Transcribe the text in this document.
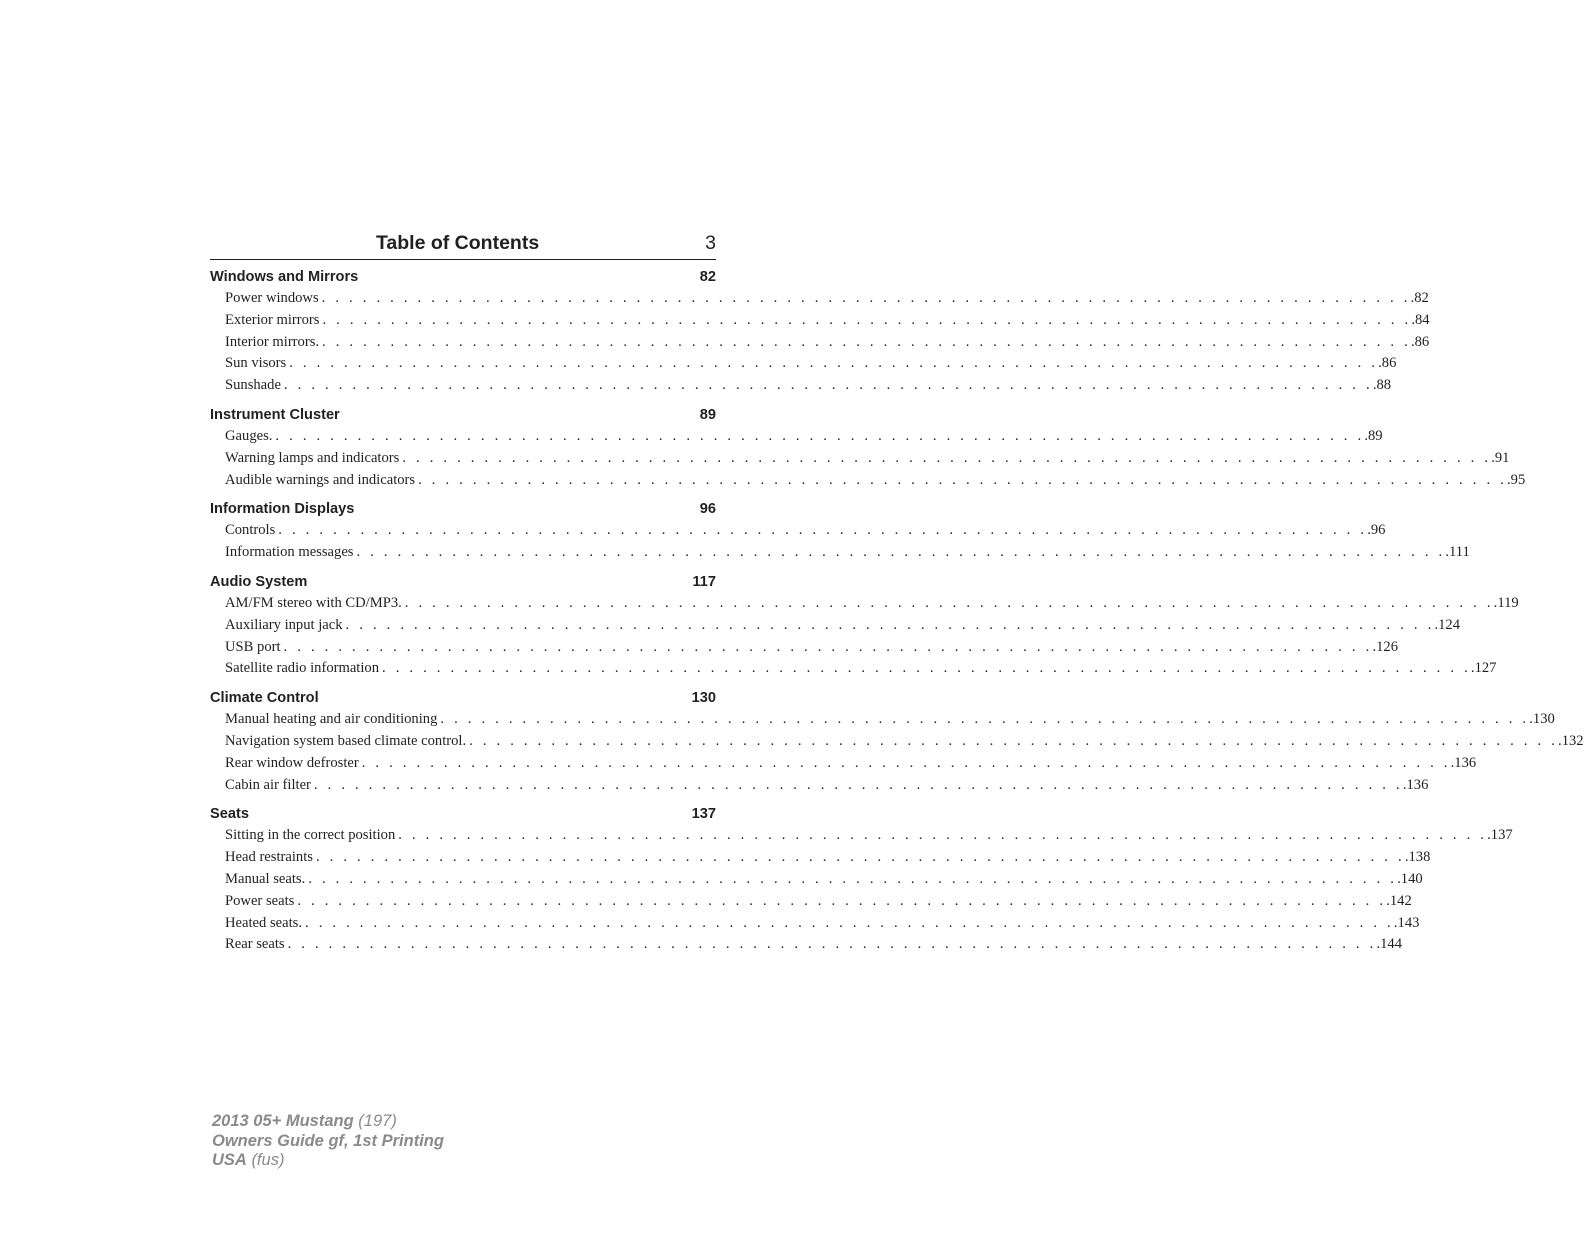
Table of Contents	3
Windows and Mirrors	82
Power windows . . . . . . . . . . . . . . . . . . . . . . . . . . . . . . . . . . . . . . . . . . . . . . . . . . . . . . . . . . . . . . . . . . . . . . . . . . . . . . . . .82
Exterior mirrors . . . . . . . . . . . . . . . . . . . . . . . . . . . . . . . . . . . . . . . . . . . . . . . . . . . . . . . . . . . . . . . . . . . . . . . . . . . . . . . . .84
Interior mirrors. . . . . . . . . . . . . . . . . . . . . . . . . . . . . . . . . . . . . . . . . . . . . . . . . . . . . . . . . . . . . . . . . . . . . . . . . . . . . . . . . .86
Sun visors . . . . . . . . . . . . . . . . . . . . . . . . . . . . . . . . . . . . . . . . . . . . . . . . . . . . . . . . . . . . . . . . . . . . . . . . . . . . . . . . .86
Sunshade . . . . . . . . . . . . . . . . . . . . . . . . . . . . . . . . . . . . . . . . . . . . . . . . . . . . . . . . . . . . . . . . . . . . . . . . . . . . . . . . .88
Instrument Cluster	89
Gauges. . . . . . . . . . . . . . . . . . . . . . . . . . . . . . . . . . . . . . . . . . . . . . . . . . . . . . . . . . . . . . . . . . . . . . . . . . . . . . . . . .89
Warning lamps and indicators . . . . . . . . . . . . . . . . . . . . . . . . . . . . . . . . . . . . . . . . . . . . . . . . . . . . . . . . . . . . . . . . . . . . . . . . . . . . . . . . .91
Audible warnings and indicators . . . . . . . . . . . . . . . . . . . . . . . . . . . . . . . . . . . . . . . . . . . . . . . . . . . . . . . . . . . . . . . . . . . . . . . . . . . . . . . . .95
Information Displays	96
Controls . . . . . . . . . . . . . . . . . . . . . . . . . . . . . . . . . . . . . . . . . . . . . . . . . . . . . . . . . . . . . . . . . . . . . . . . . . . . . . . . .96
Information messages . . . . . . . . . . . . . . . . . . . . . . . . . . . . . . . . . . . . . . . . . . . . . . . . . . . . . . . . . . . . . . . . . . . . . . . . . . . . . . . . .111
Audio System	117
AM/FM stereo with CD/MP3. . . . . . . . . . . . . . . . . . . . . . . . . . . . . . . . . . . . . . . . . . . . . . . . . . . . . . . . . . . . . . . . . . . . . . . . . . . . . . . . . .119
Auxiliary input jack . . . . . . . . . . . . . . . . . . . . . . . . . . . . . . . . . . . . . . . . . . . . . . . . . . . . . . . . . . . . . . . . . . . . . . . . . . . . . . . . .124
USB port . . . . . . . . . . . . . . . . . . . . . . . . . . . . . . . . . . . . . . . . . . . . . . . . . . . . . . . . . . . . . . . . . . . . . . . . . . . . . . . . .126
Satellite radio information . . . . . . . . . . . . . . . . . . . . . . . . . . . . . . . . . . . . . . . . . . . . . . . . . . . . . . . . . . . . . . . . . . . . . . . . . . . . . . . . .127
Climate Control	130
Manual heating and air conditioning . . . . . . . . . . . . . . . . . . . . . . . . . . . . . . . . . . . . . . . . . . . . . . . . . . . . . . . . . . . . . . . . . . . . . . . . . . . . . . . . .130
Navigation system based climate control. . . . . . . . . . . . . . . . . . . . . . . . . . . . . . . . . . . . . . . . . . . . . . . . . . . . . . . . . . . . . . . . . . . . . . . . . . . . . . . . . .132
Rear window defroster . . . . . . . . . . . . . . . . . . . . . . . . . . . . . . . . . . . . . . . . . . . . . . . . . . . . . . . . . . . . . . . . . . . . . . . . . . . . . . . . .136
Cabin air filter . . . . . . . . . . . . . . . . . . . . . . . . . . . . . . . . . . . . . . . . . . . . . . . . . . . . . . . . . . . . . . . . . . . . . . . . . . . . . . . . .136
Seats	137
Sitting in the correct position . . . . . . . . . . . . . . . . . . . . . . . . . . . . . . . . . . . . . . . . . . . . . . . . . . . . . . . . . . . . . . . . . . . . . . . . . . . . . . . . .137
Head restraints . . . . . . . . . . . . . . . . . . . . . . . . . . . . . . . . . . . . . . . . . . . . . . . . . . . . . . . . . . . . . . . . . . . . . . . . . . . . . . . . .138
Manual seats. . . . . . . . . . . . . . . . . . . . . . . . . . . . . . . . . . . . . . . . . . . . . . . . . . . . . . . . . . . . . . . . . . . . . . . . . . . . . . . . . .140
Power seats . . . . . . . . . . . . . . . . . . . . . . . . . . . . . . . . . . . . . . . . . . . . . . . . . . . . . . . . . . . . . . . . . . . . . . . . . . . . . . . . .142
Heated seats. . . . . . . . . . . . . . . . . . . . . . . . . . . . . . . . . . . . . . . . . . . . . . . . . . . . . . . . . . . . . . . . . . . . . . . . . . . . . . . . . .143
Rear seats . . . . . . . . . . . . . . . . . . . . . . . . . . . . . . . . . . . . . . . . . . . . . . . . . . . . . . . . . . . . . . . . . . . . . . . . . . . . . . . . .144
2013 05+ Mustang (197)
Owners Guide gf, 1st Printing
USA (fus)
